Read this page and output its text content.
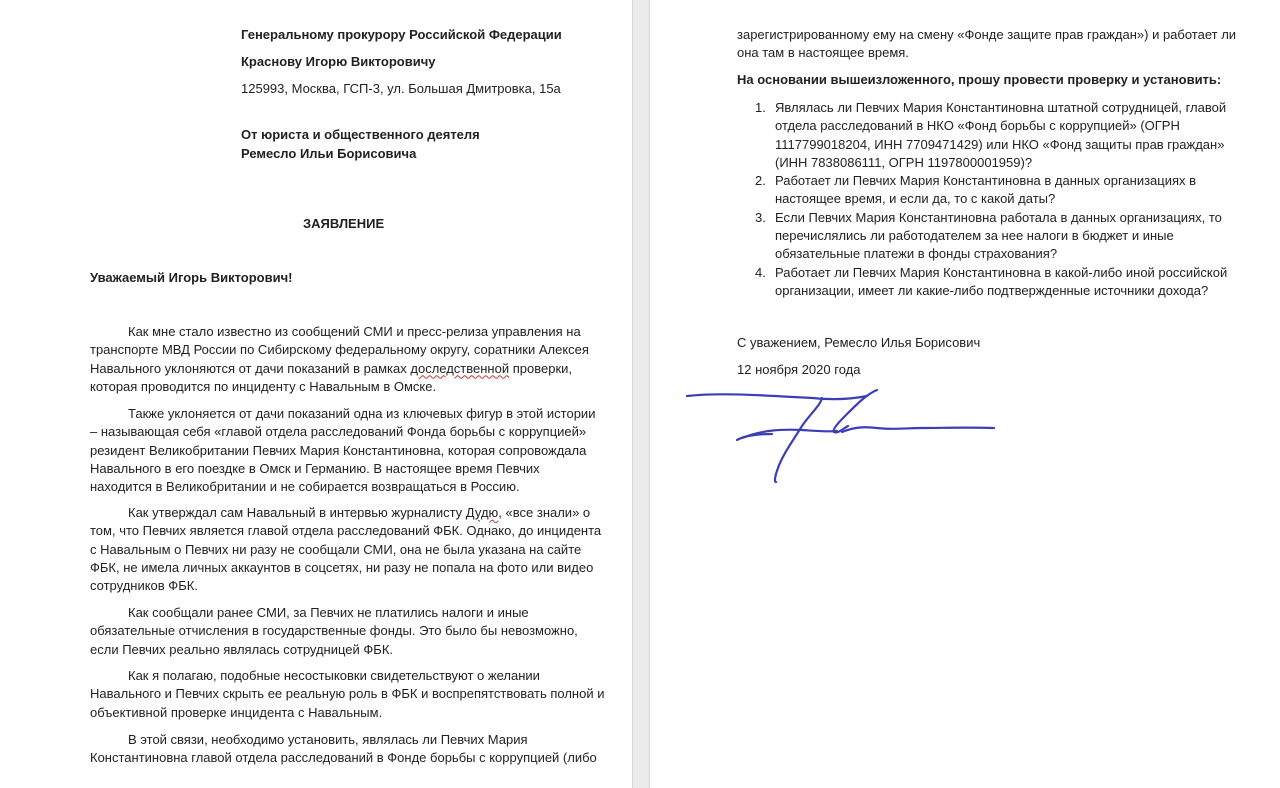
Генеральному прокурору Российской Федерации
Краснову Игорю Викторовичу
125993, Москва, ГСП-3, ул. Большая Дмитровка, 15а
От юриста и общественного деятеля
Ремесло Ильи Борисовича
ЗАЯВЛЕНИЕ
Уважаемый Игорь Викторович!
Как мне стало известно из сообщений СМИ и пресс-релиза управления на
транспорте МВД России по Сибирскому федеральному округу, соратники Алексея
Навального уклоняются от дачи показаний в рамках доследственной проверки,
которая проводится по инциденту с Навальным в Омске.
Также уклоняется от дачи показаний одна из ключевых фигур в этой истории
– называющая себя «главой отдела расследований Фонда борьбы с коррупцией»
резидент Великобритании Певчих Мария Константиновна, которая сопровождала
Навального в его поездке в Омск и Германию. В настоящее время Певчих
находится в Великобритании и не собирается возвращаться в Россию.
Как утверждал сам Навальный в интервью журналисту Дудю, «все знали» о
том, что Певчих является главой отдела расследований ФБК. Однако, до инцидента
с Навальным о Певчих ни разу не сообщали СМИ, она не была указана на сайте
ФБК, не имела личных аккаунтов в соцсетях, ни разу не попала на фото или видео
сотрудников ФБК.
Как сообщали ранее СМИ, за Певчих не платились налоги и иные
обязательные отчисления в государственные фонды. Это было бы невозможно,
если Певчих реально являлась сотрудницей ФБК.
Как я полагаю, подобные несостыковки свидетельствуют о желании
Навального и Певчих скрыть ее реальную роль в ФБК и воспрепятствовать полной и
объективной проверке инцидента с Навальным.
В этой связи, необходимо установить, являлась ли Певчих Мария
Константиновна главой отдела расследований в Фонде борьбы с коррупцией (либо
зарегистрированному ему на смену «Фонде защите прав граждан») и работает ли
она там в настоящее время.
На основании вышеизложенного, прошу провести проверку и установить:
1. Являлась ли Певчих Мария Константиновна штатной сотрудницей, главой
отдела расследований в НКО «Фонд борьбы с коррупцией» (ОГРН
1117799018204, ИНН 7709471429) или НКО «Фонд защиты прав граждан»
(ИНН 7838086111, ОГРН 1197800001959)?
2. Работает ли Певчих Мария Константиновна в данных организациях в
настоящее время, и если да, то с какой даты?
3. Если Певчих Мария Константиновна работала в данных организациях, то
перечислялись ли работодателем за нее налоги в бюджет и иные
обязательные платежи в фонды страхования?
4. Работает ли Певчих Мария Константиновна в какой-либо иной российской
организации, имеет ли какие-либо подтвержденные источники дохода?
С уважением, Ремесло Илья Борисович
12 ноября 2020 года
